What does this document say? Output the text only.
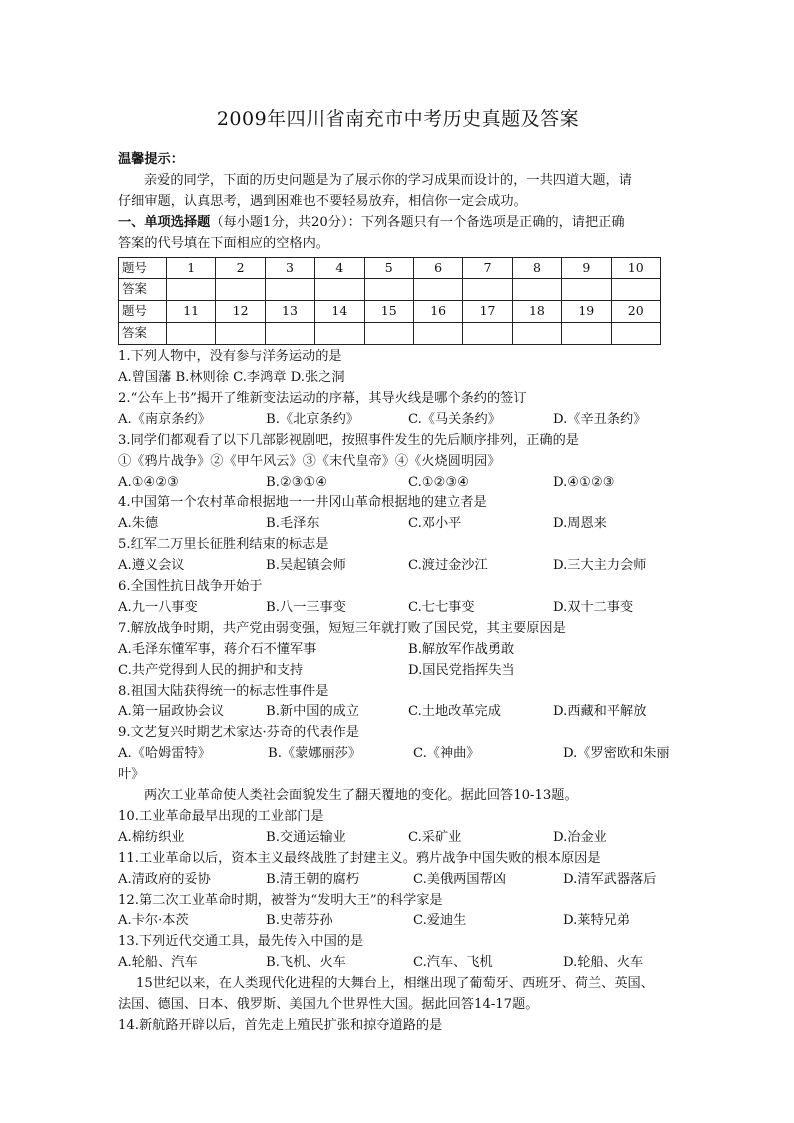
2009年四川省南充市中考历史真题及答案
温馨提示：
亲爱的同学，下面的历史问题是为了展示你的学习成果而设计的，一共四道大题，请
仔细审题，认真思考，遇到困难也不要轻易放弃，相信你一定会成功。
一、单项选择题（每小题1分，共20分）：下列各题只有一个备选项是正确的，请把正确
答案的代号填在下面相应的空格内。
题号	1	2	3	4	5	6	7	8	9	10
答案										
题号	11	12	13	14	15	16	17	18	19	20
答案										
1.下列人物中，没有参与洋务运动的是
A.曾国藩 B.林则徐 C.李鸿章 D.张之洞
2.“公车上书”揭开了维新变法运动的序幕，其导火线是哪个条约的签订
A.《南京条约》	B.《北京条约》	C.《马关条约》	D.《辛丑条约》
3.同学们都观看了以下几部影视剧吧，按照事件发生的先后顺序排列，正确的是
①《鸦片战争》②《甲午风云》③《末代皇帝》④《火烧圆明园》
A.①④②③	B.②③①④	C.①②③④	D.④①②③
4.中国第一个农村革命根据地一一井冈山革命根据地的建立者是
A.朱德	B.毛泽东	C.邓小平	D.周恩来
5.红军二万里长征胜利结束的标志是
A.遵义会议	B.吴起镇会师	C.渡过金沙江	D.三大主力会师
6.全国性抗日战争开始于
A.九一八事变	B.八一三事变	C.七七事变	D.双十二事变
7.解放战争时期，共产党由弱变强，短短三年就打败了国民党，其主要原因是
A.毛泽东懂军事，蒋介石不懂军事	B.解放军作战勇敢
C.共产党得到人民的拥护和支持	D.国民党指挥失当
8.祖国大陆获得统一的标志性事件是
A.第一届政协会议	B.新中国的成立	C.土地改革完成	D.西藏和平解放
9.文艺复兴时期艺术家达·芬奇的代表作是
A.《哈姆雷特》	B.《蒙娜丽莎》	C.《神曲》	D.《罗密欧和朱丽
叶》
两次工业革命使人类社会面貌发生了翻天覆地的变化。据此回答10-13题。
10.工业革命最早出现的工业部门是
A.棉纺织业	B.交通运输业	C.采矿业	D.冶金业
11.工业革命以后，资本主义最终战胜了封建主义。鸦片战争中国失败的根本原因是
A.清政府的妥协	B.清王朝的腐朽	C.美俄两国帮凶	D.清军武器落后
12.第二次工业革命时期，被誉为“发明大王”的科学家是
A.卡尔·本茨	B.史蒂芬孙	C.爱迪生	D.莱特兄弟
13.下列近代交通工具，最先传入中国的是
A.轮船、汽车	B.飞机、火车	C.汽车、飞机	D.轮船、火车
15世纪以来，在人类现代化进程的大舞台上，相继出现了葡萄牙、西班牙、荷兰、英国、
法国、德国、日本、俄罗斯、美国九个世界性大国。据此回答14-17题。
14.新航路开辟以后，首先走上殖民扩张和掠夺道路的是
